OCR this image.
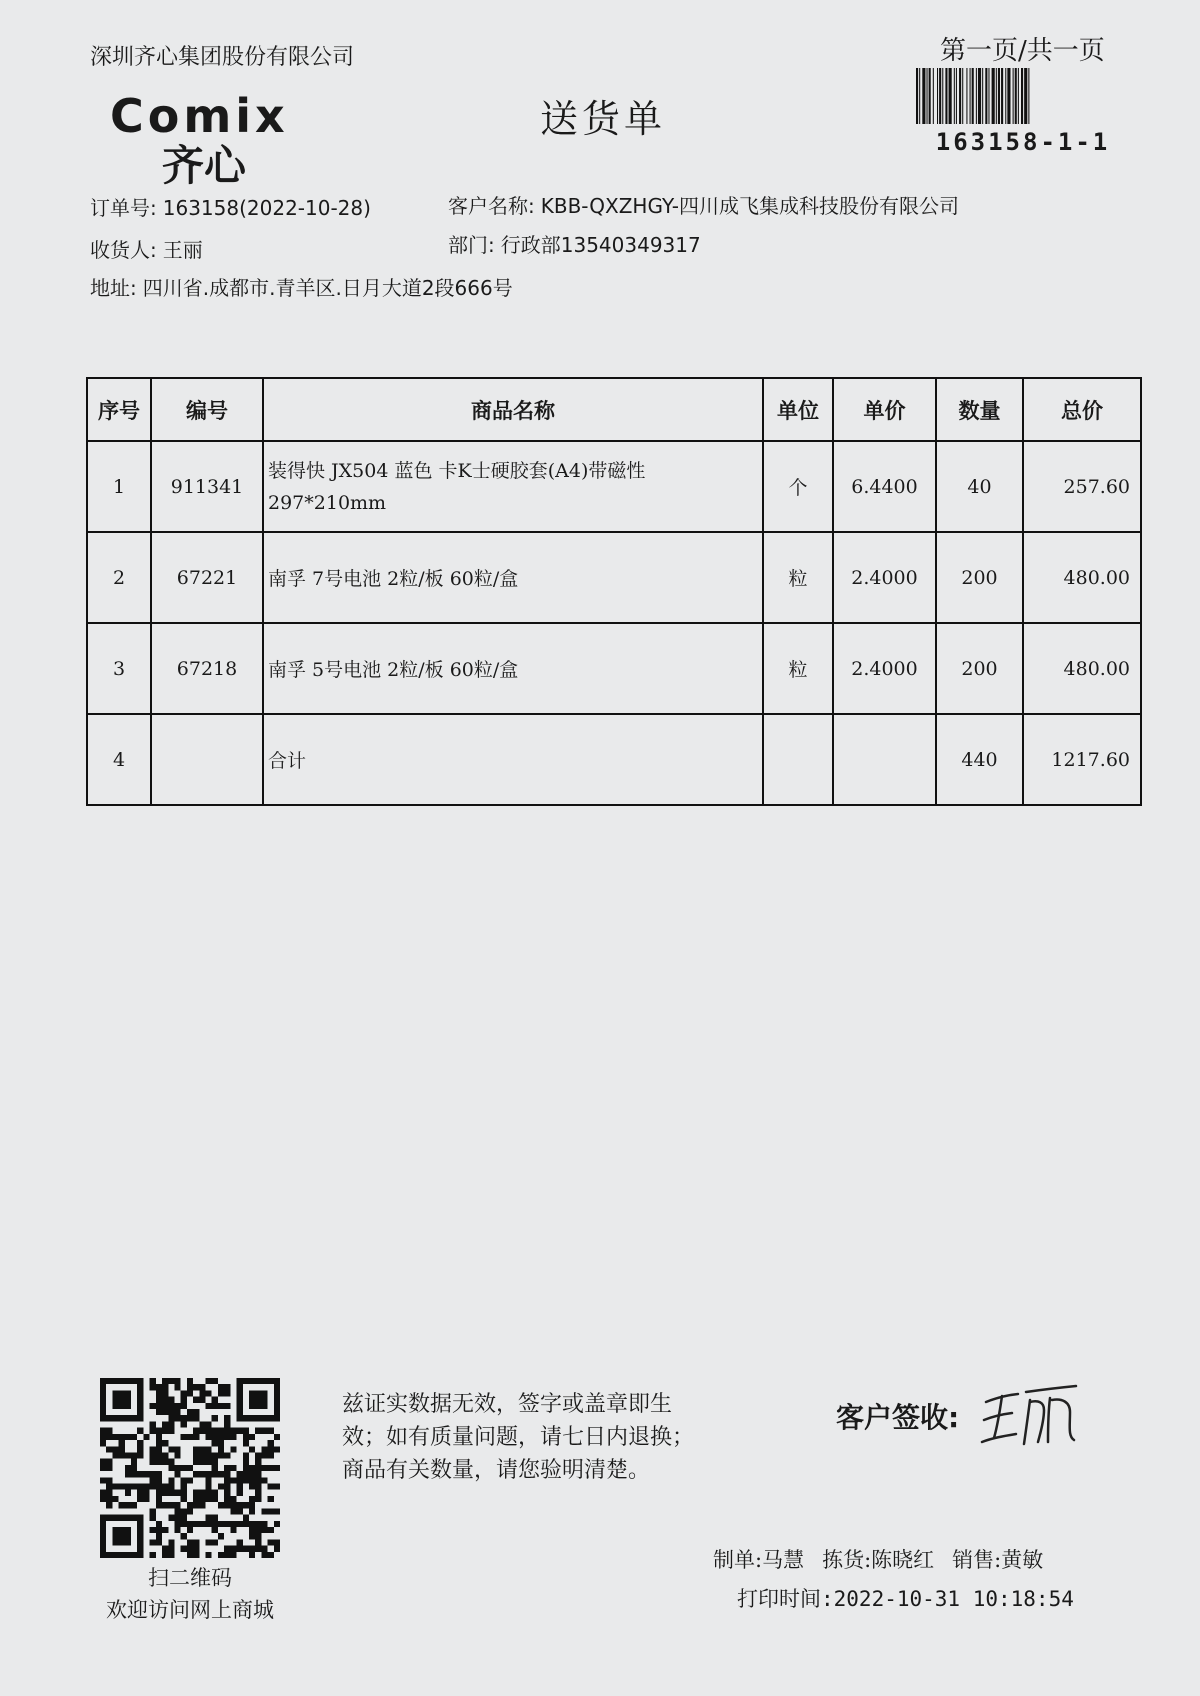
深圳齐心集团股份有限公司	第一页/共一页
163158-1-1
Comix
齐心
送货单
订单号: 163158(2022-10-28)	客户名称: KBB-QXZHGY-四川成飞集成科技股份有限公司
收货人: 王丽	部门: 行政部13540349317
地址: 四川省.成都市.青羊区.日月大道2段666号
序号	编号	商品名称	单位	单价	数量	总价
1	911341	装得快 JX504 蓝色 卡K士硬胶套(A4)带磁性 297*210mm	个	6.4400	40	257.60
2	67221	南孚 7号电池 2粒/板 60粒/盒	粒	2.4000	200	480.00
3	67218	南孚 5号电池 2粒/板 60粒/盒	粒	2.4000	200	480.00
4		合计			440	1217.60
扫二维码
欢迎访问网上商城
兹证实数据无效，签字或盖章即生
效；如有质量问题，请七日内退换；
商品有关数量，请您验明清楚。
客户签收:
制单:马慧 拣货:陈晓红 销售:黄敏
打印时间:2022-10-31 10:18:54
